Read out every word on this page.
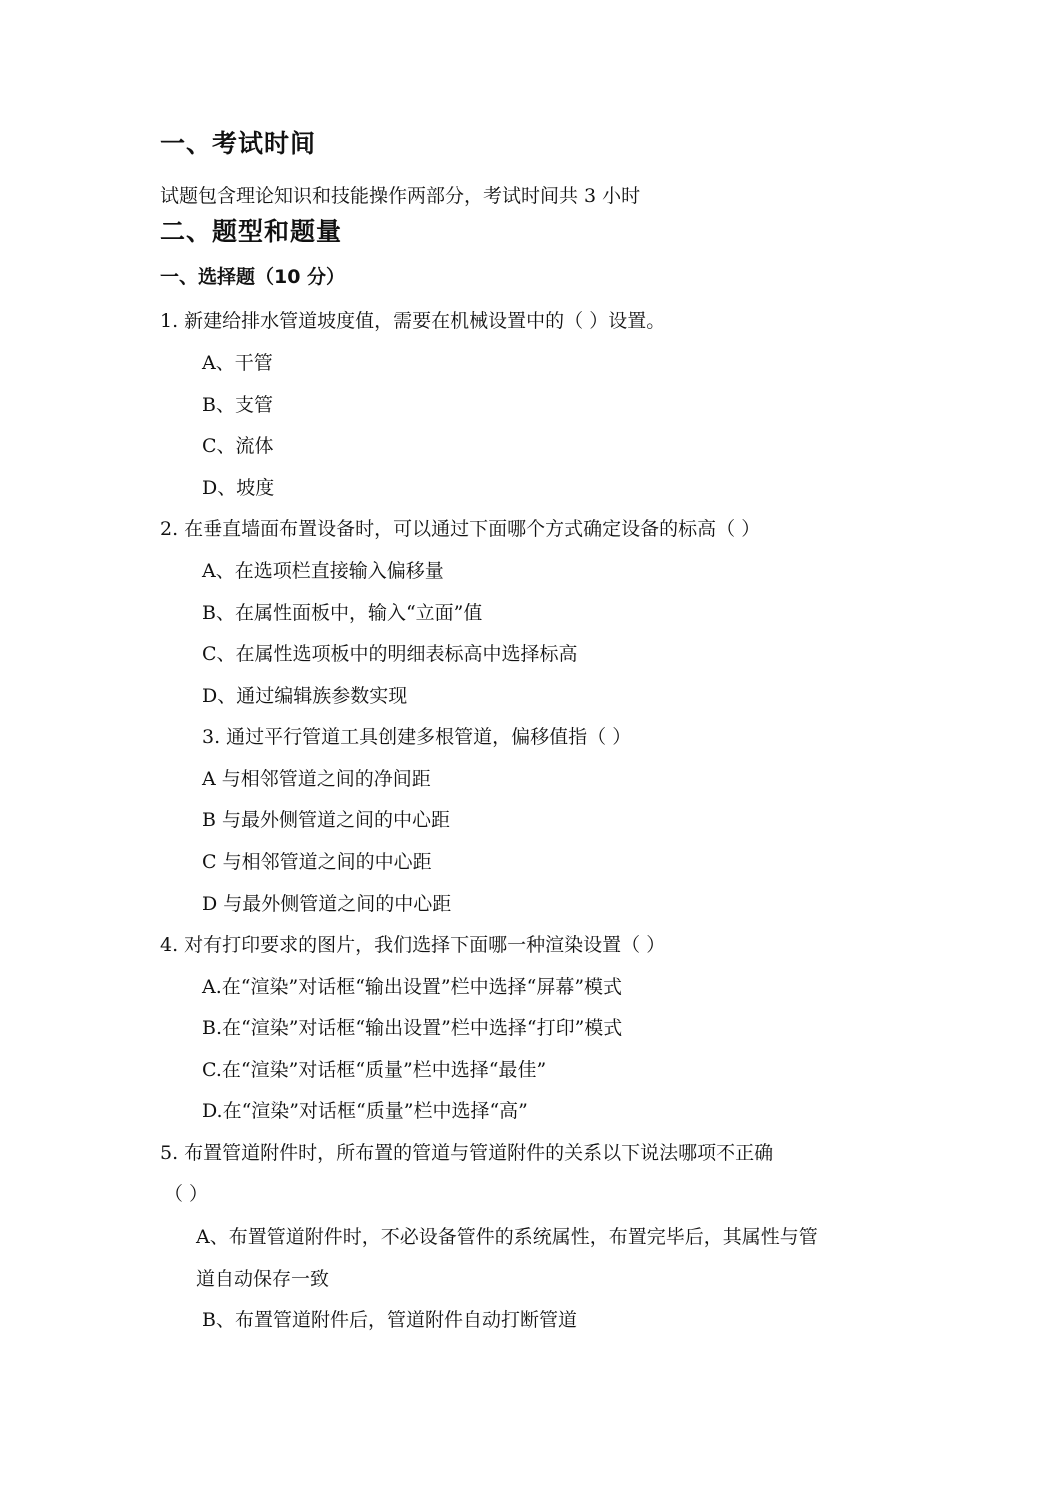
一、考试时间
试题包含理论知识和技能操作两部分，考试时间共 3 小时
二、题型和题量
一、选择题（10 分）
1. 新建给排水管道坡度值，需要在机械设置中的（ ）设置。
A、干管
B、支管
C、流体
D、坡度
2. 在垂直墙面布置设备时，可以通过下面哪个方式确定设备的标高（ ）
A、在选项栏直接输入偏移量
B、在属性面板中，输入“立面”值
C、在属性选项板中的明细表标高中选择标高
D、通过编辑族参数实现
3. 通过平行管道工具创建多根管道，偏移值指（ ）
A 与相邻管道之间的净间距
B 与最外侧管道之间的中心距
C 与相邻管道之间的中心距
D 与最外侧管道之间的中心距
4. 对有打印要求的图片，我们选择下面哪一种渲染设置（ ）
A.在“渲染”对话框“输出设置”栏中选择“屏幕”模式
B.在“渲染”对话框“输出设置”栏中选择“打印”模式
C.在“渲染”对话框“质量”栏中选择“最佳”
D.在“渲染”对话框“质量”栏中选择“高”
5. 布置管道附件时，所布置的管道与管道附件的关系以下说法哪项不正确
（ ）
A、布置管道附件时，不必设备管件的系统属性，布置完毕后，其属性与管
道自动保存一致
B、布置管道附件后，管道附件自动打断管道
